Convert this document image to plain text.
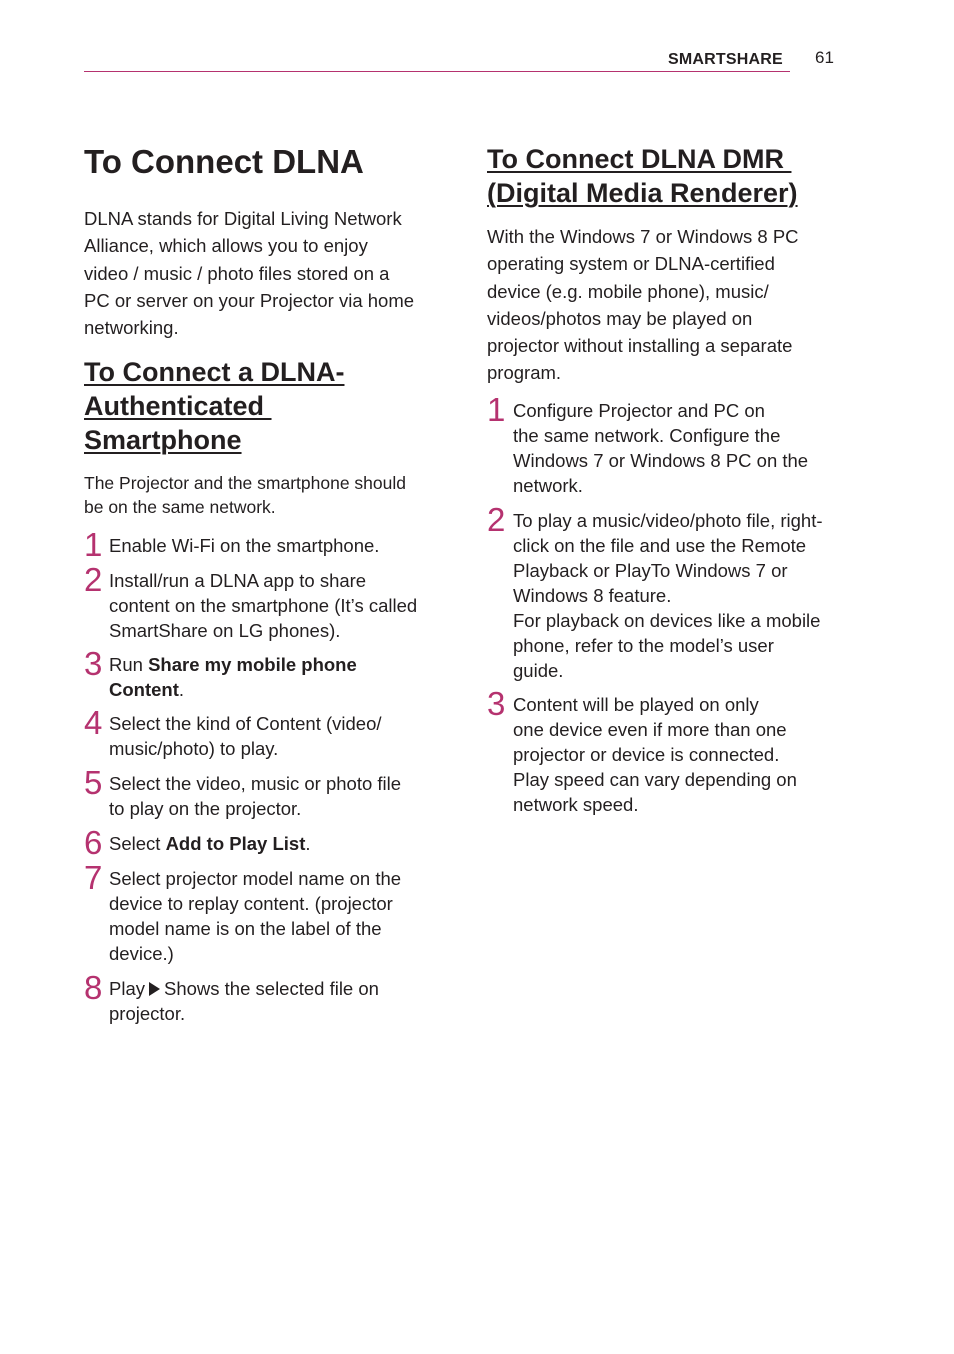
SMARTSHARE 61
To Connect DLNA

DLNA stands for Digital Living Network

Alliance, which allows you to enjoy

video / music / photo files stored on a

PC or server on your Projector via home

networking.

To Connect a DLNA-

Authenticated

Smartphone

The Projector and the smartphone should

be on the same network.

1 Enable Wi-Fi on the smartphone.
2 Install/run a DLNA app to share
content on the smartphone (It’s called
SmartShare on LG phones).
3 Run Share my mobile phone
Content.
4 Select the kind of Content (video/
music/photo) to play.
5 Select the video, music or photo file
to play on the projector.
6 Select Add to Play List.
7 Select projector model name on the
device to replay content. (projector
model name is on the label of the
device.)
8 Play Shows the selected file on
projector.

To Connect DLNA DMR

(Digital Media Renderer)

With the Windows 7 or Windows 8 PC

operating system or DLNA-certified

device (e.g. mobile phone), music/

videos/photos may be played on

projector without installing a separate

program.

1 Configure Projector and PC on
the same network. Configure the
Windows 7 or Windows 8 PC on the
network.
2 To play a music/video/photo file, right-
click on the file and use the Remote
Playback or PlayTo Windows 7 or
Windows 8 feature.
For playback on devices like a mobile
phone, refer to the model’s user
guide.
3 Content will be played on only
one device even if more than one
projector or device is connected.
Play speed can vary depending on
network speed.
